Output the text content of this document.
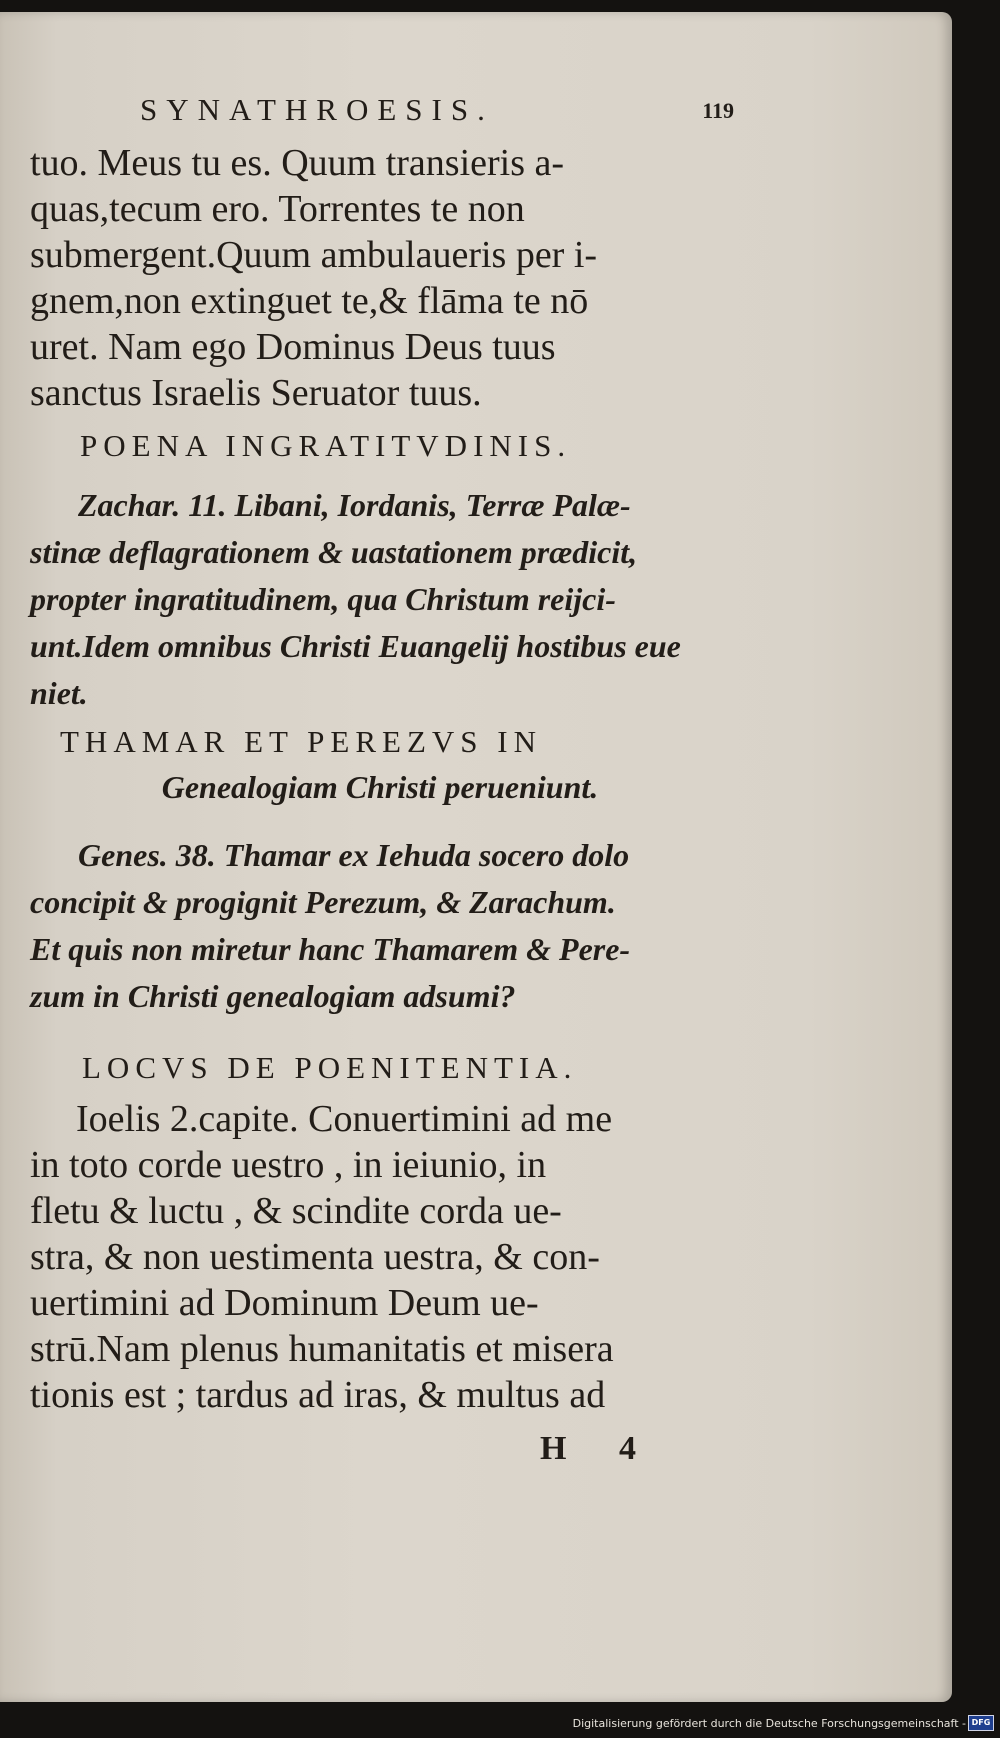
SYNATHROESIS.	119
tuo. Meus tu es. Quum transieris a-
quas,tecum ero. Torrentes te non
submergent.Quum ambulaueris per i-
gnem,non extinguet te,& flāma te nō
uret. Nam ego Dominus Deus tuus
sanctus Israelis Seruator tuus.
POENA INGRATITVDINIS.
Zachar. 11. Libani, Iordanis, Terræ Palæ-
stinæ deflagrationem & uastationem prædicit,
propter ingratitudinem, qua Christum reijci-
unt.Idem omnibus Christi Euangelij hostibus eue
niet.
THAMAR ET PEREZVS IN
Genealogiam Christi perueniunt.
Genes. 38. Thamar ex Iehuda socero dolo
concipit & progignit Perezum, & Zarachum.
Et quis non miretur hanc Thamarem & Pere-
zum in Christi genealogiam adsumi?
LOCVS DE POENITENTIA.
Ioelis 2.capite. Conuertimini ad me
in toto corde uestro , in ieiunio, in
fletu & luctu , & scindite corda ue-
stra, & non uestimenta uestra, & con-
uertimini ad Dominum Deum ue-
strū.Nam plenus humanitatis et misera
tionis est ; tardus ad iras, & multus ad
H 4
Digitalisierung gefördert durch die Deutsche Forschungsgemeinschaft - DFG
